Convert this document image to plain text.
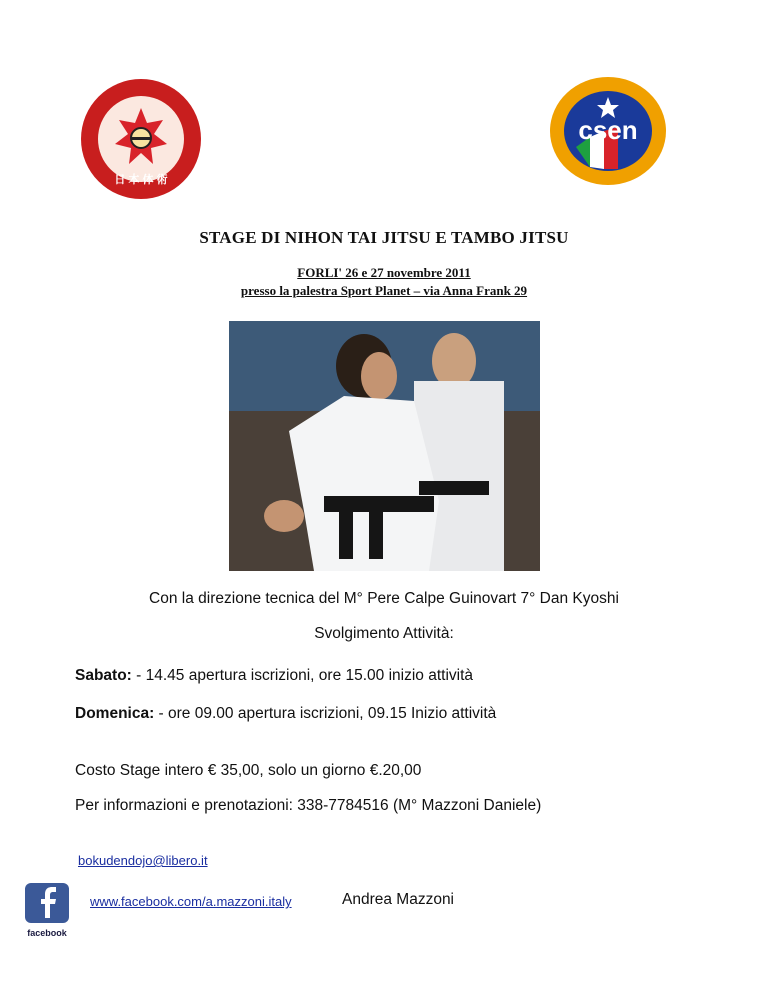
日 本 体 術
csen
STAGE DI NIHON TAI JITSU E TAMBO JITSU
FORLI' 26 e 27 novembre 2011
presso la palestra Sport Planet – via Anna Frank 29
Con la direzione tecnica del M° Pere Calpe Guinovart 7° Dan Kyoshi
Svolgimento Attività:
Sabato: - 14.45 apertura iscrizioni, ore 15.00 inizio attività
Domenica: - ore 09.00 apertura iscrizioni, 09.15 Inizio attività
Costo Stage intero € 35,00, solo un giorno €.20,00
Per informazioni e prenotazioni: 338-7784516 (M° Mazzoni Daniele)
bokudendojo@libero.it
facebook
www.facebook.com/a.mazzoni.italy	Andrea Mazzoni
